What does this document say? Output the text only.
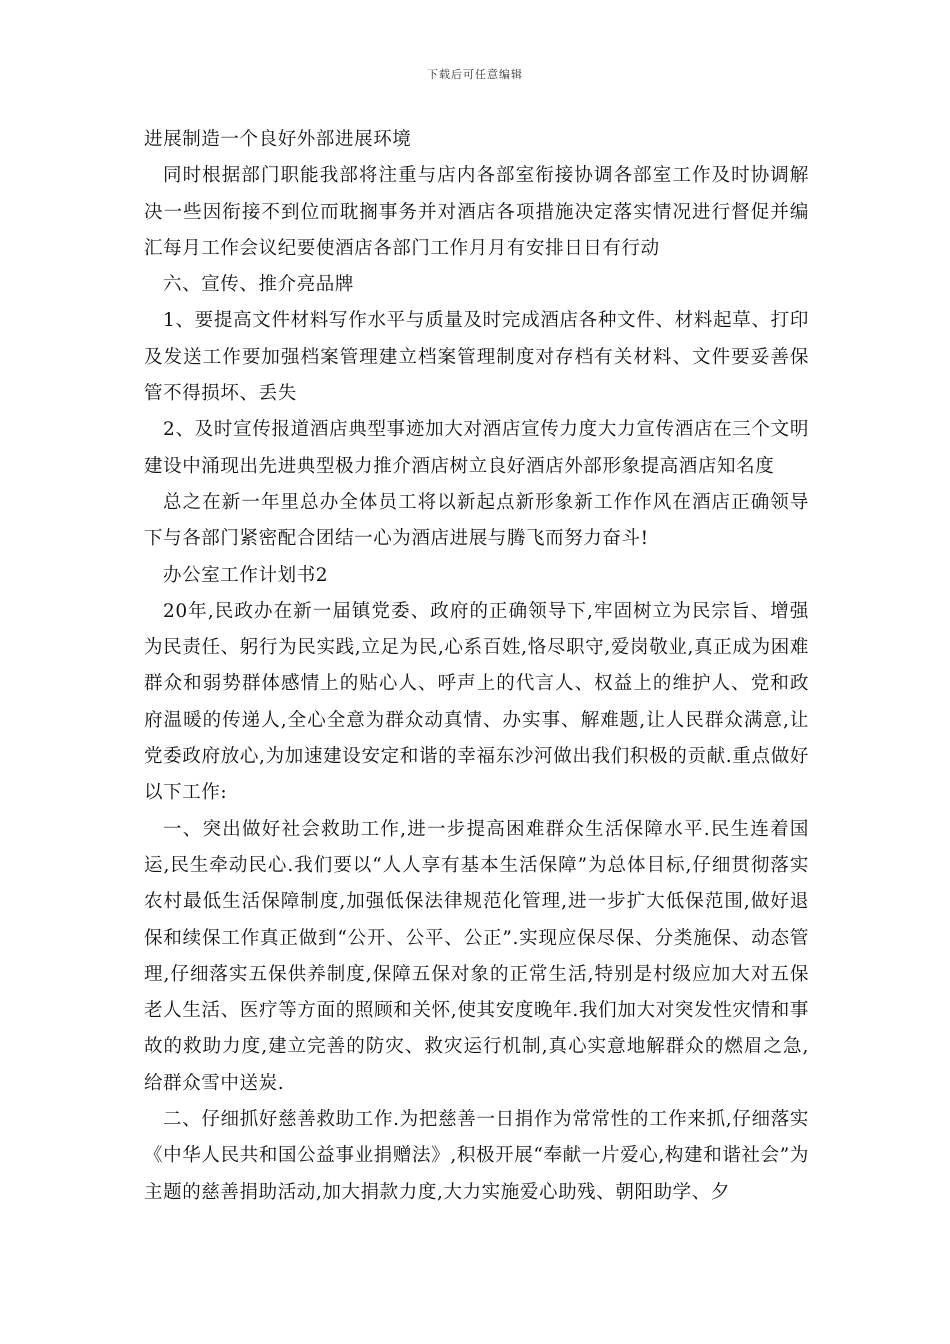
下载后可任意编辑

进展制造一个良好外部进展环境

同时根据部门职能我部将注重与店内各部室衔接协调各部室工作及时协调解决一些因衔接不到位而耽搁事务并对酒店各项措施决定落实情况进行督促并编汇每月工作会议纪要使酒店各部门工作月月有安排日日有行动

六、宣传、推介亮品牌

1、要提高文件材料写作水平与质量及时完成酒店各种文件、材料起草、打印及发送工作要加强档案管理建立档案管理制度对存档有关材料、文件要妥善保管不得损坏、丢失

2、及时宣传报道酒店典型事迹加大对酒店宣传力度大力宣传酒店在三个文明建设中涌现出先进典型极力推介酒店树立良好酒店外部形象提高酒店知名度

总之在新一年里总办全体员工将以新起点新形象新工作作风在酒店正确领导下与各部门紧密配合团结一心为酒店进展与腾飞而努力奋斗!

办公室工作计划书2

20年,民政办在新一届镇党委、政府的正确领导下,牢固树立为民宗旨、增强为民责任、躬行为民实践,立足为民,心系百姓,恪尽职守,爱岗敬业,真正成为困难群众和弱势群体感情上的贴心人、呼声上的代言人、权益上的维护人、党和政府温暖的传递人,全心全意为群众动真情、办实事、解难题,让人民群众满意,让党委政府放心,为加速建设安定和谐的幸福东沙河做出我们积极的贡献.重点做好以下工作:

一、突出做好社会救助工作,进一步提高困难群众生活保障水平.民生连着国运,民生牵动民心.我们要以“人人享有基本生活保障”为总体目标,仔细贯彻落实农村最低生活保障制度,加强低保法律规范化管理,进一步扩大低保范围,做好退保和续保工作真正做到“公开、公平、公正”.实现应保尽保、分类施保、动态管理,仔细落实五保供养制度,保障五保对象的正常生活,特别是村级应加大对五保老人生活、医疗等方面的照顾和关怀,使其安度晚年.我们加大对突发性灾情和事故的救助力度,建立完善的防灾、救灾运行机制,真心实意地解群众的燃眉之急,给群众雪中送炭.

二、仔细抓好慈善救助工作.为把慈善一日捐作为常常性的工作来抓,仔细落实《中华人民共和国公益事业捐赠法》,积极开展“奉献一片爱心,构建和谐社会”为主题的慈善捐助活动,加大捐款力度,大力实施爱心助残、朝阳助学、夕
